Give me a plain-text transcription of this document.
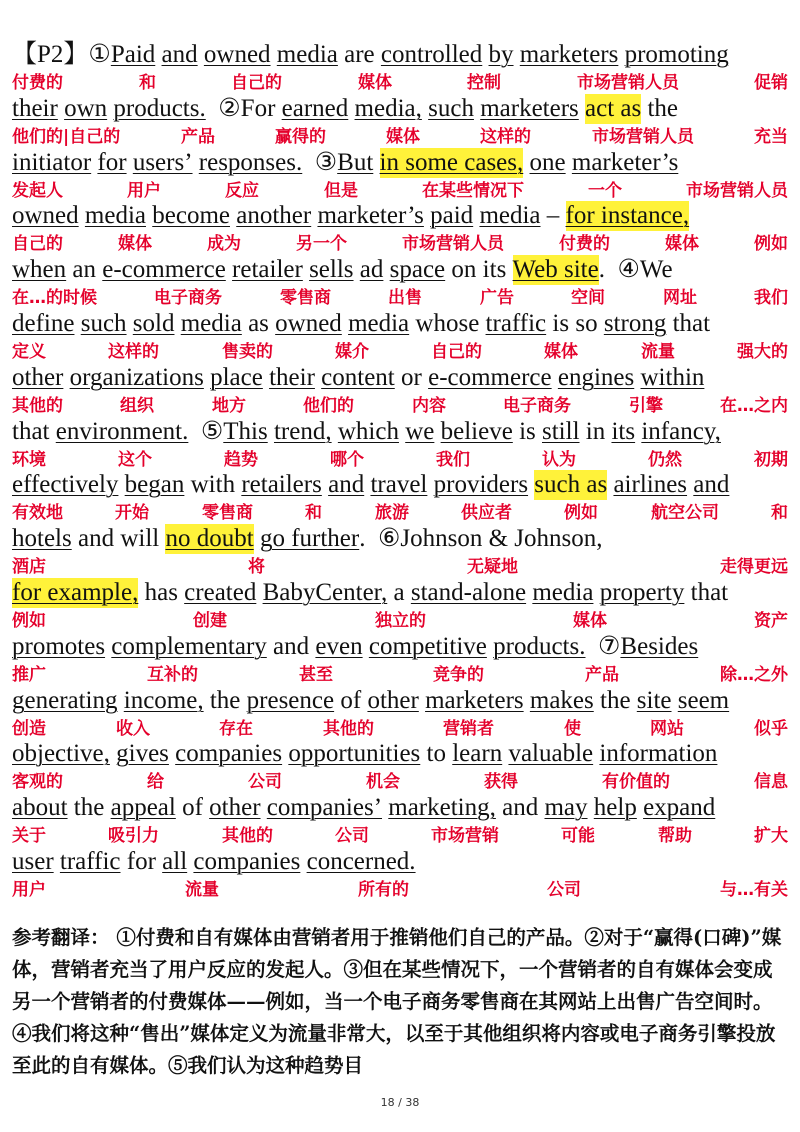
【P2】①Paid and owned media are controlled by marketers promoting
付费的	和	自己的	媒体	控制	市场营销人员	促销
their own products.  ②For earned media, such marketers act as the
他们的|自己的	产品	赢得的	媒体	这样的	市场营销人员	充当
initiator for users’ responses.  ③But in some cases, one marketer’s
发起人	用户	反应	但是	在某些情况下	一个	市场营销人员
owned media become another marketer’s paid media – for instance,
自己的	媒体	成为	另一个	市场营销人员	付费的	媒体	例如
when an e-commerce retailer sells ad space on its Web site.  ④We
在…的时候	电子商务	零售商	出售	广告	空间	网址	我们
define such sold media as owned media whose traffic is so strong that
定义	这样的	售卖的	媒介	自己的	媒体	流量	强大的
other organizations place their content or e-commerce engines within
其他的	组织	地方	他们的	内容	电子商务	引擎	在…之内
that environment.  ⑤This trend, which we believe is still in its infancy,
环境	这个	趋势	哪个	我们	认为	仍然	初期
effectively began with retailers and travel providers such as airlines and
有效地	开始	零售商	和	旅游	供应者	例如	航空公司	和
hotels and will no doubt go further.  ⑥Johnson & Johnson,
酒店	将	无疑地	走得更远
for example, has created BabyCenter, a stand-alone media property that
例如	创建	独立的	媒体	资产
promotes complementary and even competitive products.  ⑦Besides
推广	互补的	甚至	竞争的	产品	除…之外
generating income, the presence of other marketers makes the site seem
创造	收入	存在	其他的	营销者	使	网站	似乎
objective, gives companies opportunities to learn valuable information
客观的	给	公司	机会	获得	有价值的	信息
about the appeal of other companies’ marketing, and may help expand
关于	吸引力	其他的	公司	市场营销	可能	帮助	扩大
user traffic for all companies concerned.
用户	流量	所有的	公司	与…有关
参考翻译： ①付费和自有媒体由营销者用于推销他们自己的产品。②对于“赢得(口碑)”媒体，营销者充当了用户反应的发起人。③但在某些情况下，一个营销者的自有媒体会变成另一个营销者的付费媒体——例如，当一个电子商务零售商在其网站上出售广告空间时。④我们将这种“售出”媒体定义为流量非常大，以至于其他组织将内容或电子商务引擎投放至此的自有媒体。⑤我们认为这种趋势目
18 / 38
